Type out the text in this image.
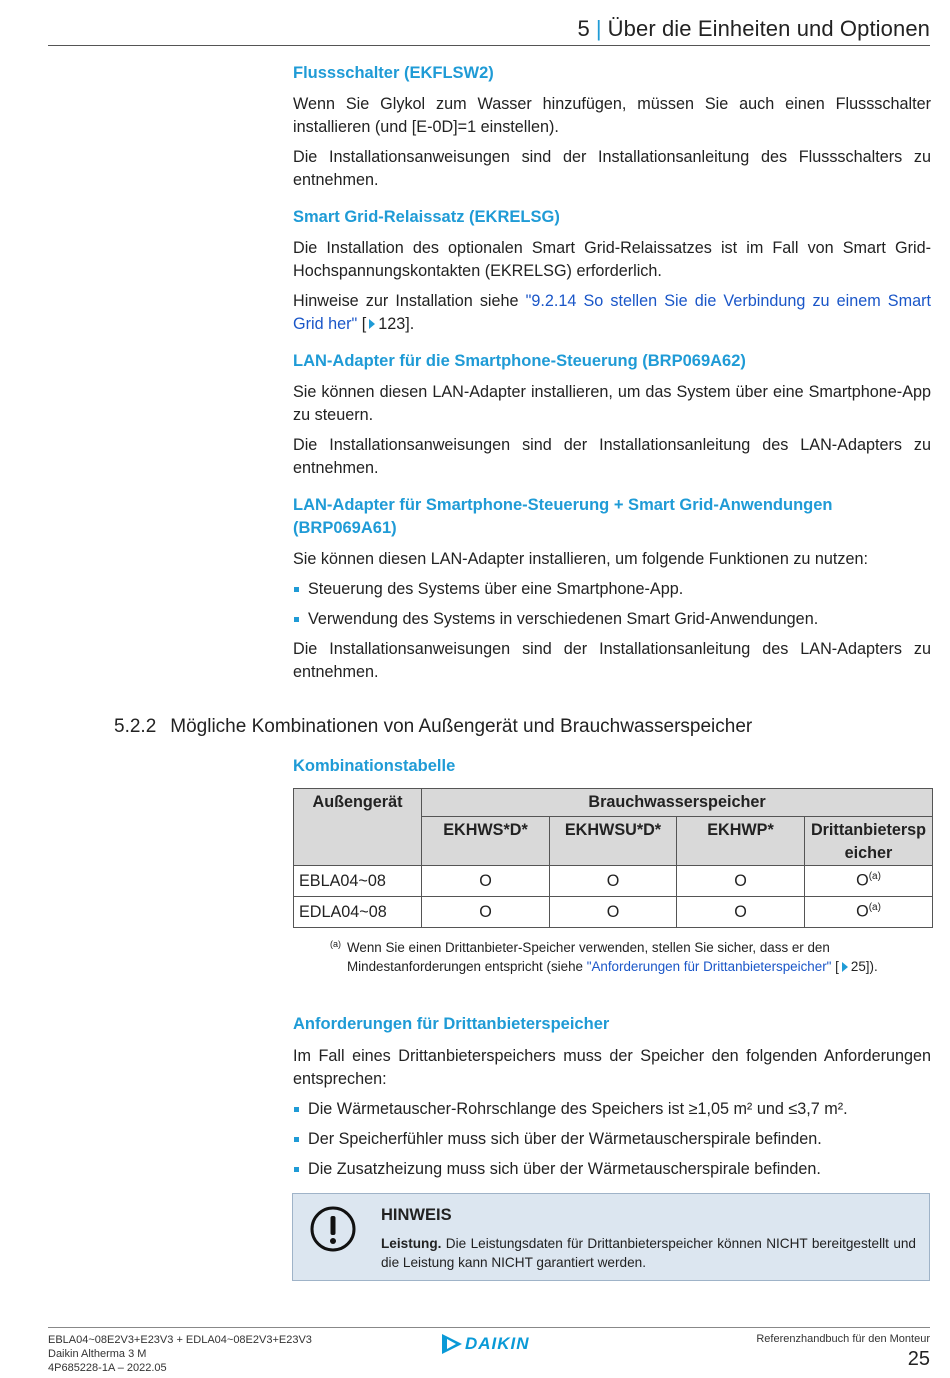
5 | Über die Einheiten und Optionen
Flussschalter (EKFLSW2)

Wenn Sie Glykol zum Wasser hinzufügen, müssen Sie auch einen Flussschalter installieren (und [E-0D]=1 einstellen).

Die Installationsanweisungen sind der Installationsanleitung des Flussschalters zu entnehmen.

Smart Grid-Relaissatz (EKRELSG)

Die Installation des optionalen Smart Grid-Relaissatzes ist im Fall von Smart Grid-Hochspannungskontakten (EKRELSG) erforderlich.

Hinweise zur Installation siehe "9.2.14 So stellen Sie die Verbindung zu einem Smart Grid her" [ 123].

LAN-Adapter für die Smartphone-Steuerung (BRP069A62)

Sie können diesen LAN-Adapter installieren, um das System über eine Smartphone-App zu steuern.

Die Installationsanweisungen sind der Installationsanleitung des LAN-Adapters zu entnehmen.

LAN-Adapter für Smartphone-Steuerung + Smart Grid-Anwendungen
(BRP069A61)

Sie können diesen LAN-Adapter installieren, um folgende Funktionen zu nutzen:

Steuerung des Systems über eine Smartphone-App.
Verwendung des Systems in verschiedenen Smart Grid-Anwendungen.

Die Installationsanweisungen sind der Installationsanleitung des LAN-Adapters zu entnehmen.

5.2.2 Mögliche Kombinationen von Außengerät und Brauchwasserspeicher
Kombinationstabelle
Außengerät	Brauchwasserspeicher			
	EKHWS*D*	EKHWSU*D*	EKHWP*	Drittanbieterspeicher
EBLA04~08	O	O	O	$O^{(a)}$
EDLA04~08	O	O	O	$O^{(a)}$
(a) Wenn Sie einen Drittanbieter-Speicher verwenden, stellen Sie sicher, dass er den Mindestanforderungen entspricht (siehe "Anforderungen für Drittanbieterspeicher" [ 25]).
Anforderungen für Drittanbieterspeicher

Im Fall eines Drittanbieterspeichers muss der Speicher den folgenden Anforderungen entsprechen:

Die Wärmetauscher-Rohrschlange des Speichers ist ≥1,05 m² und ≤3,7 m².
Der Speicherfühler muss sich über der Wärmetauscherspirale befinden.
Die Zusatzheizung muss sich über der Wärmetauscherspirale befinden.
HINWEIS
Leistung. Die Leistungsdaten für Drittanbieterspeicher können NICHT bereitgestellt und die Leistung kann NICHT garantiert werden.
EBLA04~08E2V3+E23V3 + EDLA04~08E2V3+E23V3
Daikin Altherma 3 M
4P685228-1A – 2022.05
DAIKIN	Referenzhandbuch für den Monteur
25
